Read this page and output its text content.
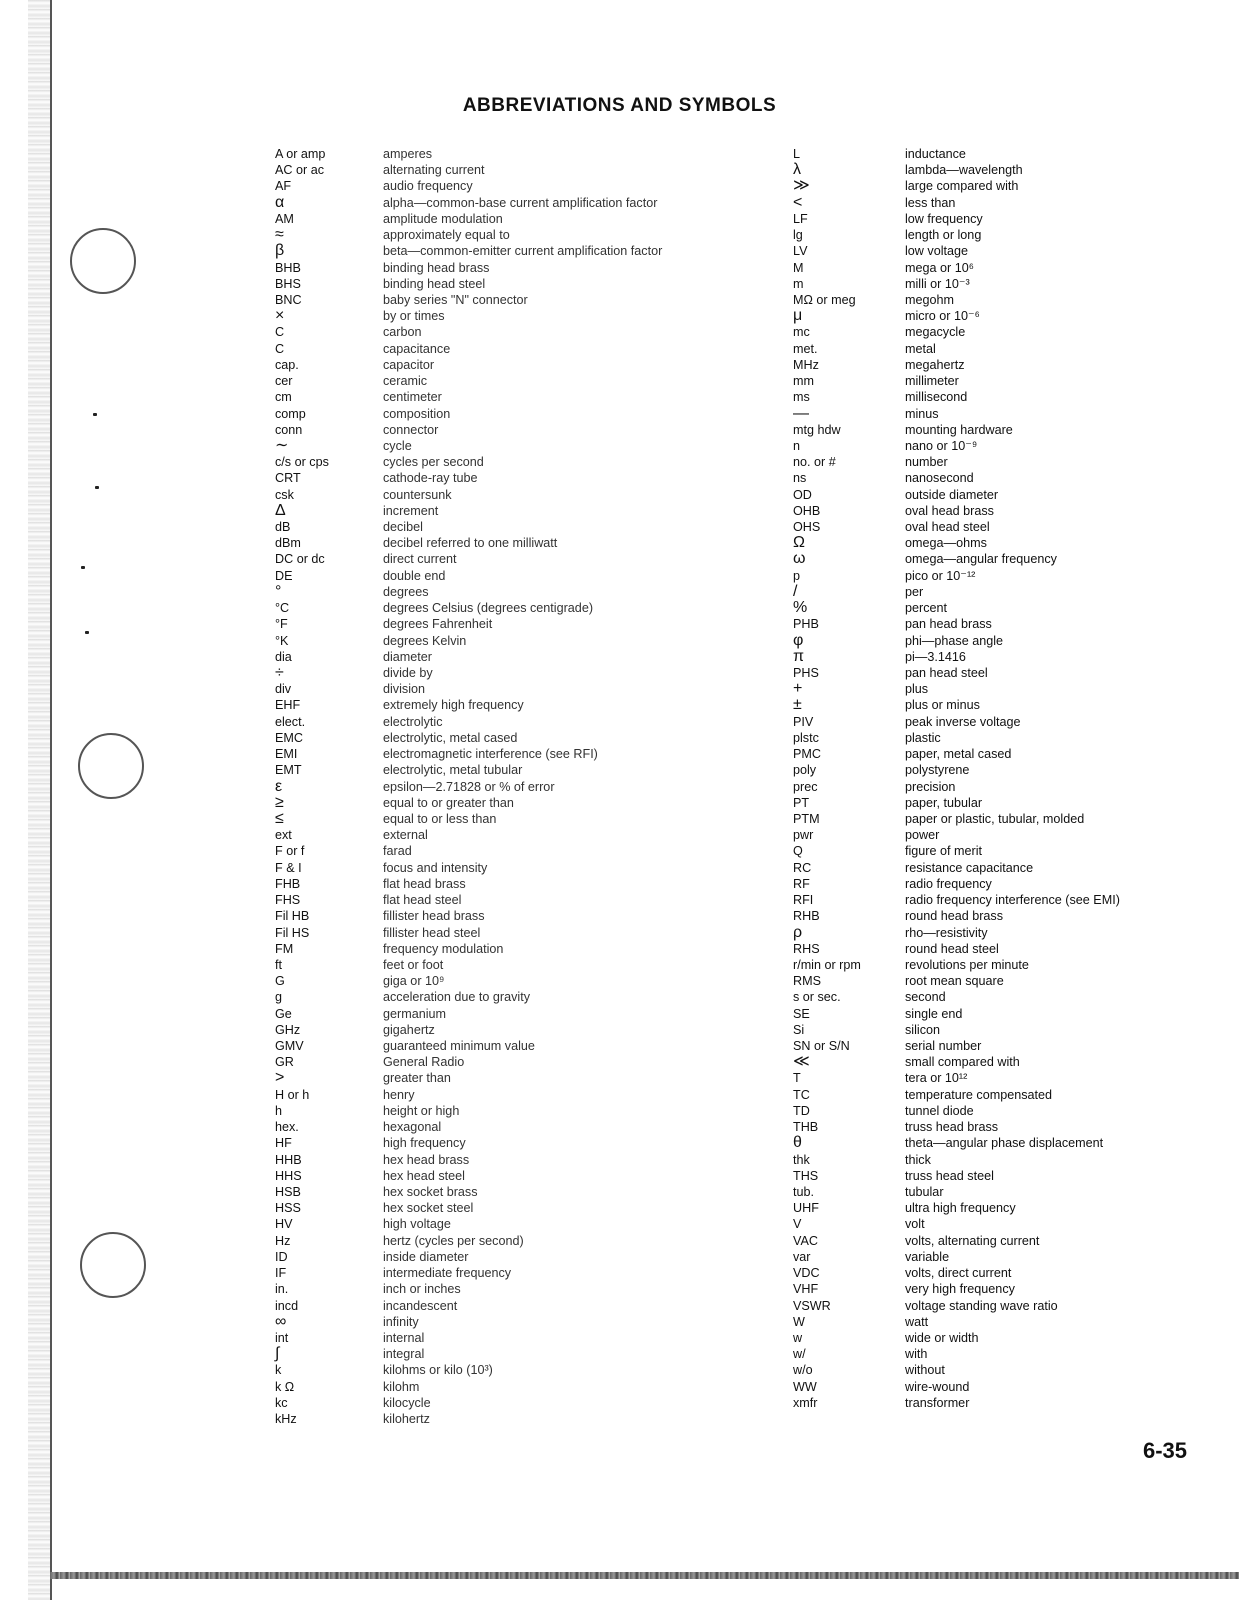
ABBREVIATIONS AND SYMBOLS
A or amp	amperes
AC or ac	alternating current
AF	audio frequency
α	alpha—common-base current amplification factor
AM	amplitude modulation
≈	approximately equal to
β	beta—common-emitter current amplification factor
BHB	binding head brass
BHS	binding head steel
BNC	baby series "N" connector
×	by or times
C	carbon
C	capacitance
cap.	capacitor
cer	ceramic
cm	centimeter
comp	composition
conn	connector
∼	cycle
c/s or cps	cycles per second
CRT	cathode-ray tube
csk	countersunk
Δ	increment
dB	decibel
dBm	decibel referred to one milliwatt
DC or dc	direct current
DE	double end
°	degrees
°C	degrees Celsius (degrees centigrade)
°F	degrees Fahrenheit
°K	degrees Kelvin
dia	diameter
÷	divide by
div	division
EHF	extremely high frequency
elect.	electrolytic
EMC	electrolytic, metal cased
EMI	electromagnetic interference (see RFI)
EMT	electrolytic, metal tubular
ε	epsilon—2.71828 or % of error
≥	equal to or greater than
≤	equal to or less than
ext	external
F or f	farad
F & I	focus and intensity
FHB	flat head brass
FHS	flat head steel
Fil HB	fillister head brass
Fil HS	fillister head steel
FM	frequency modulation
ft	feet or foot
G	giga or 10⁹
g	acceleration due to gravity
Ge	germanium
GHz	gigahertz
GMV	guaranteed minimum value
GR	General Radio
>	greater than
H or h	henry
h	height or high
hex.	hexagonal
HF	high frequency
HHB	hex head brass
HHS	hex head steel
HSB	hex socket brass
HSS	hex socket steel
HV	high voltage
Hz	hertz (cycles per second)
ID	inside diameter
IF	intermediate frequency
in.	inch or inches
incd	incandescent
∞	infinity
int	internal
∫	integral
k	kilohms or kilo (10³)
k Ω	kilohm
kc	kilocycle
kHz	kilohertz
L	inductance
λ	lambda—wavelength
≫	large compared with
<	less than
LF	low frequency
lg	length or long
LV	low voltage
M	mega or 10⁶
m	milli or 10⁻³
MΩ or meg	megohm
μ	micro or 10⁻⁶
mc	megacycle
met.	metal
MHz	megahertz
mm	millimeter
ms	millisecond
—	minus
mtg hdw	mounting hardware
n	nano or 10⁻⁹
no. or #	number
ns	nanosecond
OD	outside diameter
OHB	oval head brass
OHS	oval head steel
Ω	omega—ohms
ω	omega—angular frequency
p	pico or 10⁻¹²
/	per
%	percent
PHB	pan head brass
φ	phi—phase angle
π	pi—3.1416
PHS	pan head steel
+	plus
±	plus or minus
PIV	peak inverse voltage
plstc	plastic
PMC	paper, metal cased
poly	polystyrene
prec	precision
PT	paper, tubular
PTM	paper or plastic, tubular, molded
pwr	power
Q	figure of merit
RC	resistance capacitance
RF	radio frequency
RFI	radio frequency interference (see EMI)
RHB	round head brass
ρ	rho—resistivity
RHS	round head steel
r/min or rpm	revolutions per minute
RMS	root mean square
s or sec.	second
SE	single end
Si	silicon
SN or S/N	serial number
≪	small compared with
T	tera or 10¹²
TC	temperature compensated
TD	tunnel diode
THB	truss head brass
θ	theta—angular phase displacement
thk	thick
THS	truss head steel
tub.	tubular
UHF	ultra high frequency
V	volt
VAC	volts, alternating current
var	variable
VDC	volts, direct current
VHF	very high frequency
VSWR	voltage standing wave ratio
W	watt
w	wide or width
w/	with
w/o	without
WW	wire-wound
xmfr	transformer
6-35
